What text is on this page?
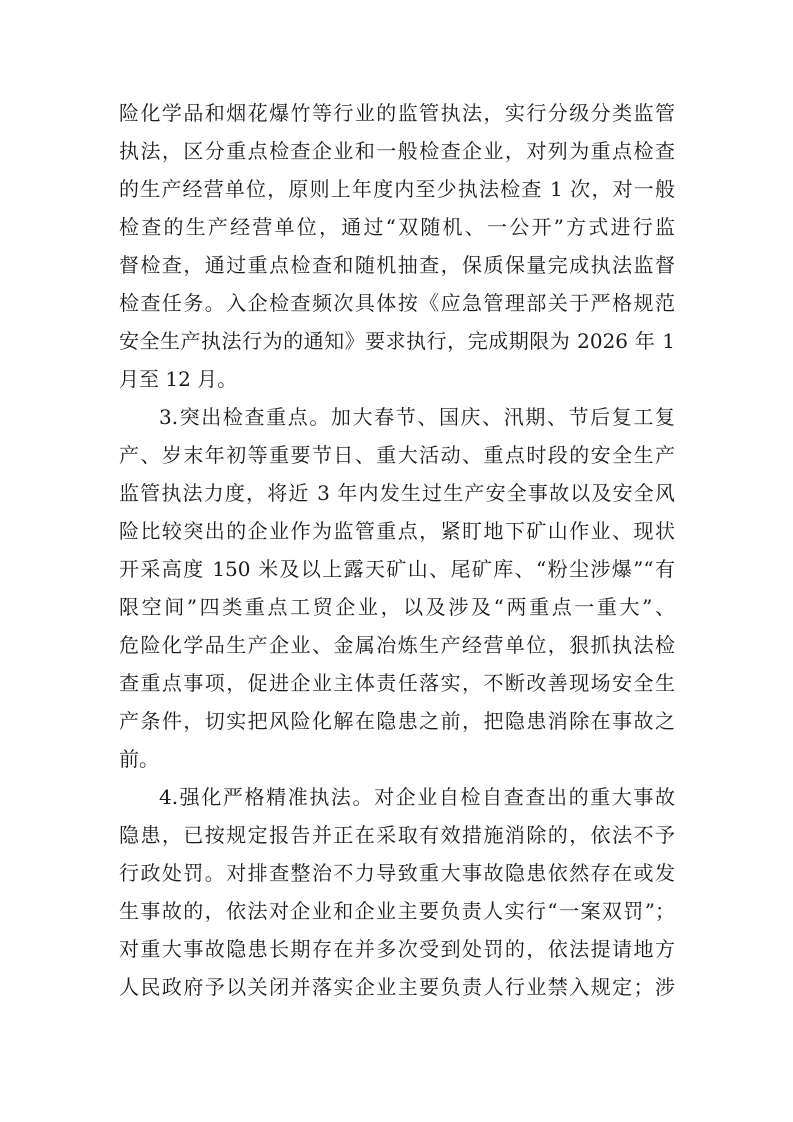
险化学品和烟花爆竹等行业的监管执法，实行分级分类监管
执法，区分重点检查企业和一般检查企业，对列为重点检查
的生产经营单位，原则上年度内至少执法检查 1 次，对一般
检查的生产经营单位，通过“双随机、一公开”方式进行监
督检查，通过重点检查和随机抽查，保质保量完成执法监督
检查任务。入企检查频次具体按《应急管理部关于严格规范
安全生产执法行为的通知》要求执行，完成期限为 2026 年 1
月至 12 月。
3.突出检查重点。加大春节、国庆、汛期、节后复工复
产、岁末年初等重要节日、重大活动、重点时段的安全生产
监管执法力度，将近 3 年内发生过生产安全事故以及安全风
险比较突出的企业作为监管重点，紧盯地下矿山作业、现状
开采高度 150 米及以上露天矿山、尾矿库、“粉尘涉爆”“有
限空间”四类重点工贸企业，以及涉及“两重点一重大”、
危险化学品生产企业、金属冶炼生产经营单位，狠抓执法检
查重点事项，促进企业主体责任落实，不断改善现场安全生
产条件，切实把风险化解在隐患之前，把隐患消除在事故之
前。
4.强化严格精准执法。对企业自检自查查出的重大事故
隐患，已按规定报告并正在采取有效措施消除的，依法不予
行政处罚。对排查整治不力导致重大事故隐患依然存在或发
生事故的，依法对企业和企业主要负责人实行“一案双罚”；
对重大事故隐患长期存在并多次受到处罚的，依法提请地方
人民政府予以关闭并落实企业主要负责人行业禁入规定；涉
